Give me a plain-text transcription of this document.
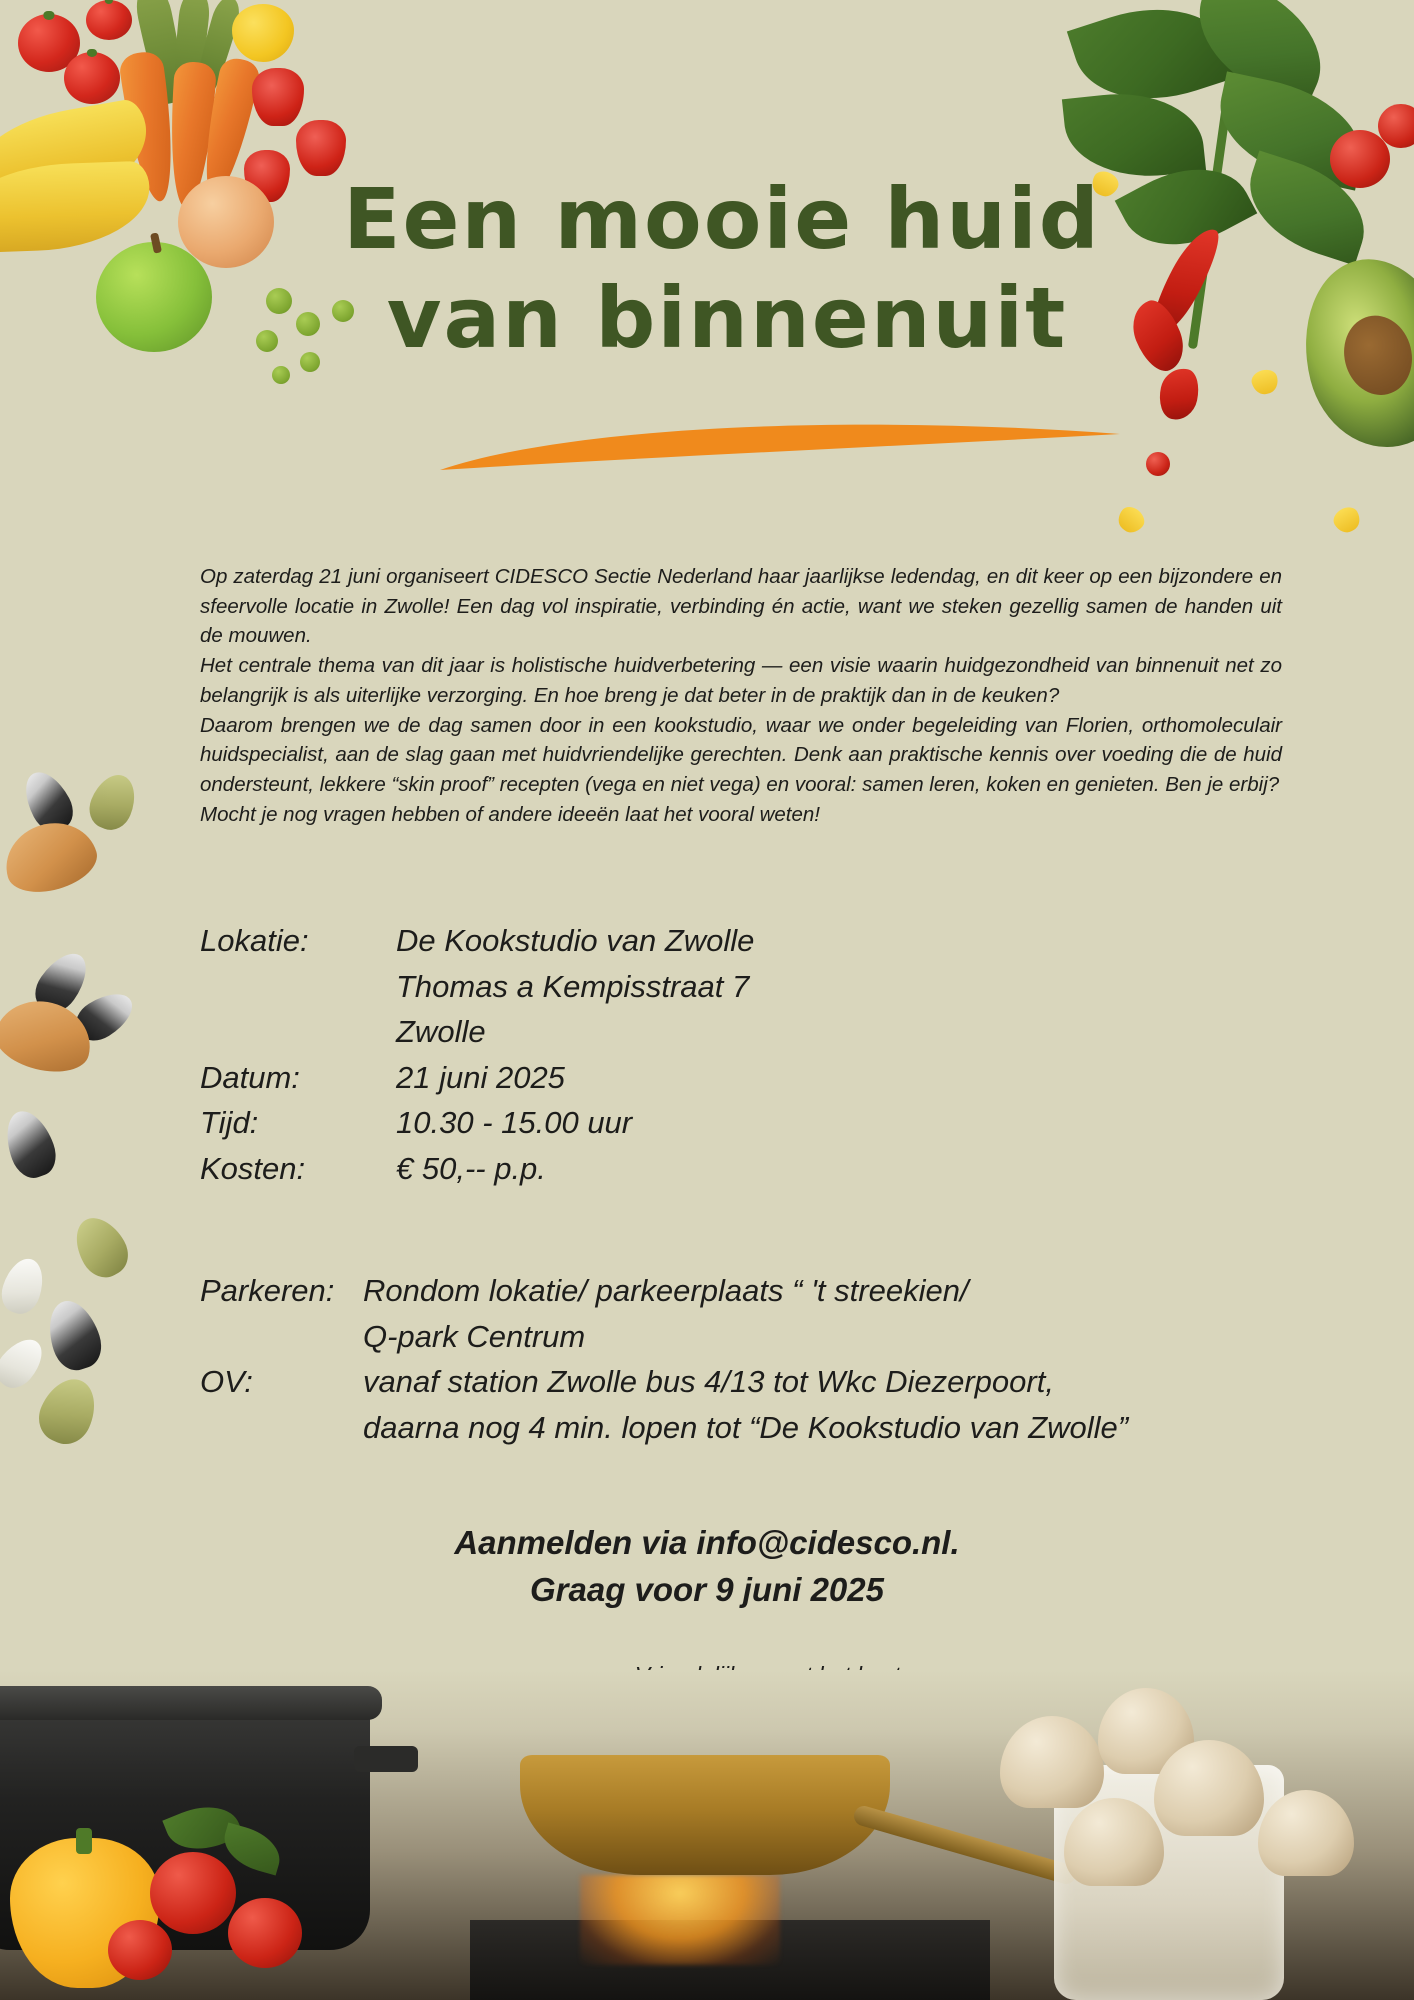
Een mooie huid
van binnenuit

Op zaterdag 21 juni organiseert CIDESCO Sectie Nederland haar jaarlijkse ledendag, en dit keer op een bijzondere en sfeervolle locatie in Zwolle! Een dag vol inspiratie, verbinding én actie, want we steken gezellig samen de handen uit de mouwen.

Het centrale thema van dit jaar is holistische huidverbetering — een visie waarin huidgezondheid van binnenuit net zo belangrijk is als uiterlijke verzorging. En hoe breng je dat beter in de praktijk dan in de keuken?

Daarom brengen we de dag samen door in een kookstudio, waar we onder begeleiding van Florien, orthomoleculair huidspecialist, aan de slag gaan met huidvriendelijke gerechten. Denk aan praktische kennis over voeding die de huid ondersteunt, lekkere “skin proof” recepten (vega en niet vega) en vooral: samen leren, koken en genieten. Ben je erbij?

Mocht je nog vragen hebben of andere ideeën laat het vooral weten!

Lokatie:	De Kookstudio van Zwolle
Thomas a Kempisstraat 7
Zwolle
Datum:	21 juni 2025
Tijd:	10.30 - 15.00 uur
Kosten:	€ 50,-- p.p.
Parkeren: Rondom lokatie/ parkeerplaats “ 't streekien/
Q-park Centrum
OV:	vanaf station Zwolle bus 4/13 tot Wkc Diezerpoort,
daarna nog 4 min. lopen tot “De Kookstudio van Zwolle”
Aanmelden via info@cidesco.nl.
Graag voor 9 juni 2025
